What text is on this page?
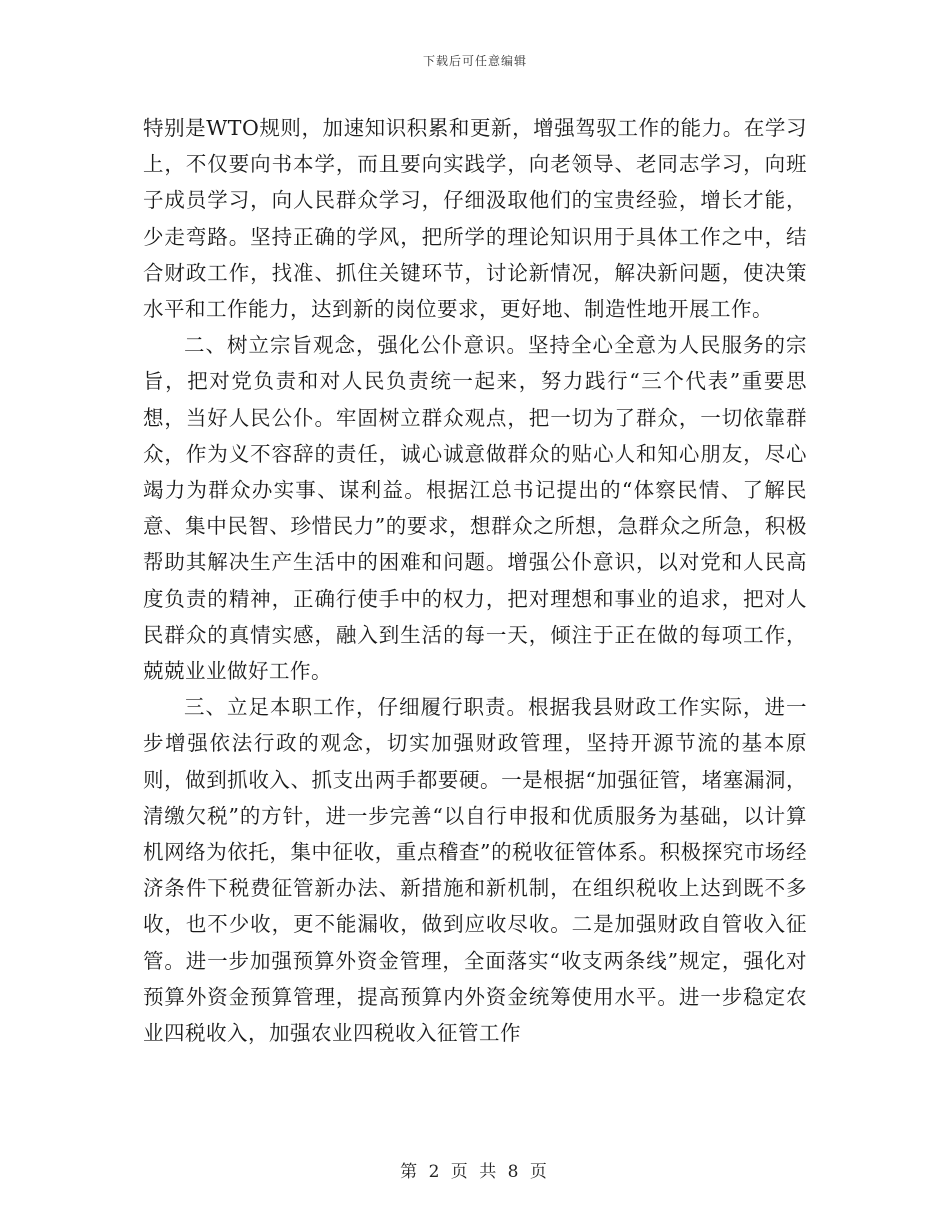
下载后可任意编辑

特别是WTO规则，加速知识积累和更新，增强驾驭工作的能力。在学习上，不仅要向书本学，而且要向实践学，向老领导、老同志学习，向班子成员学习，向人民群众学习，仔细汲取他们的宝贵经验，增长才能，少走弯路。坚持正确的学风，把所学的理论知识用于具体工作之中，结合财政工作，找准、抓住关键环节，讨论新情况，解决新问题，使决策水平和工作能力，达到新的岗位要求，更好地、制造性地开展工作。

二、树立宗旨观念，强化公仆意识。坚持全心全意为人民服务的宗旨，把对党负责和对人民负责统一起来，努力践行“三个代表”重要思想，当好人民公仆。牢固树立群众观点，把一切为了群众，一切依靠群众，作为义不容辞的责任，诚心诚意做群众的贴心人和知心朋友，尽心竭力为群众办实事、谋利益。根据江总书记提出的“体察民情、了解民意、集中民智、珍惜民力”的要求，想群众之所想，急群众之所急，积极帮助其解决生产生活中的困难和问题。增强公仆意识，以对党和人民高度负责的精神，正确行使手中的权力，把对理想和事业的追求，把对人民群众的真情实感，融入到生活的每一天，倾注于正在做的每项工作，兢兢业业做好工作。

三、立足本职工作，仔细履行职责。根据我县财政工作实际，进一步增强依法行政的观念，切实加强财政管理，坚持开源节流的基本原则，做到抓收入、抓支出两手都要硬。一是根据“加强征管，堵塞漏洞，清缴欠税”的方针，进一步完善“以自行申报和优质服务为基础，以计算机网络为依托，集中征收，重点稽查”的税收征管体系。积极探究市场经济条件下税费征管新办法、新措施和新机制，在组织税收上达到既不多收，也不少收，更不能漏收，做到应收尽收。二是加强财政自管收入征管。进一步加强预算外资金管理，全面落实“收支两条线”规定，强化对预算外资金预算管理，提高预算内外资金统筹使用水平。进一步稳定农业四税收入，加强农业四税收入征管工作

第 2 页 共 8 页
